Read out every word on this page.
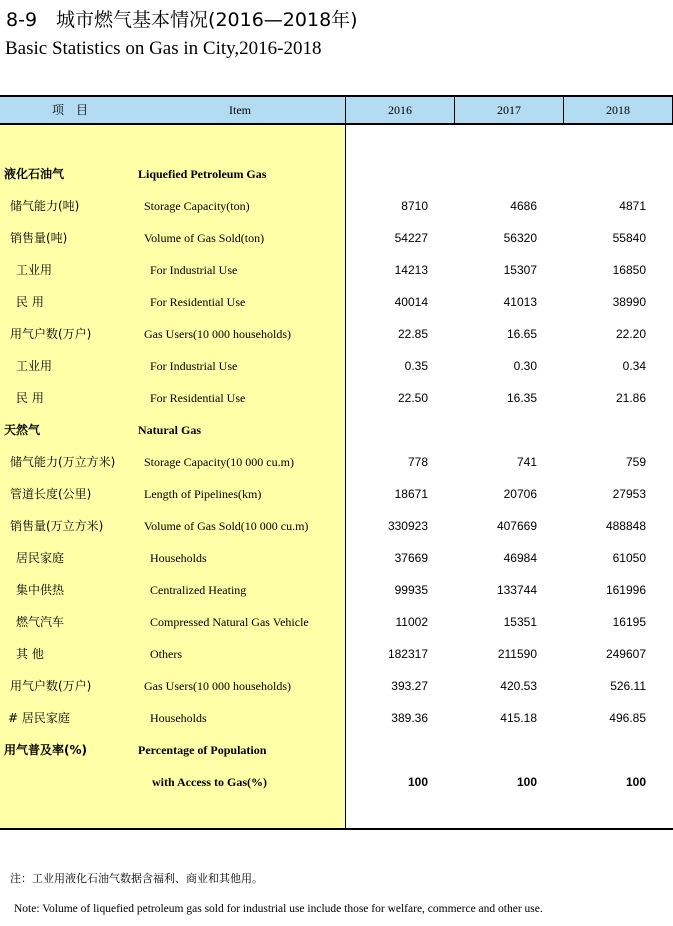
8-9　城市燃气基本情况(2016—2018年)
Basic Statistics on Gas in City,2016-2018
项　目	Item	2016	2017	2018
液化石油气	Liquefied Petroleum Gas
储气能力(吨)	Storage Capacity(ton)	8710	4686	4871
销售量(吨)	Volume of Gas Sold(ton)	54227	56320	55840
工业用	For Industrial Use	14213	15307	16850
民 用	For Residential Use	40014	41013	38990
用气户数(万户)	Gas Users(10 000 households)	22.85	16.65	22.20
工业用	For Industrial Use	0.35	0.30	0.34
民 用	For Residential Use	22.50	16.35	21.86
天然气	Natural Gas
储气能力(万立方米) Storage Capacity(10 000 cu.m)	778	741	759
管道长度(公里)	Length of Pipelines(km)	18671	20706	27953
销售量(万立方米)	Volume of Gas Sold(10 000 cu.m)	330923	407669	488848
居民家庭	Households	37669	46984	61050
集中供热	Centralized Heating	99935	133744	161996
燃气汽车	Compressed Natural Gas Vehicle	11002	15351	16195
其 他	Others	182317	211590	249607
用气户数(万户)	Gas Users(10 000 households)	393.27	420.53	526.11
# 居民家庭	Households	389.36	415.18	496.85
用气普及率(%)	Percentage of Population
with Access to Gas(%)	100	100	100
注：工业用液化石油气数据含福利、商业和其他用。
Note: Volume of liquefied petroleum gas sold for industrial use include those for welfare, commerce and other use.
